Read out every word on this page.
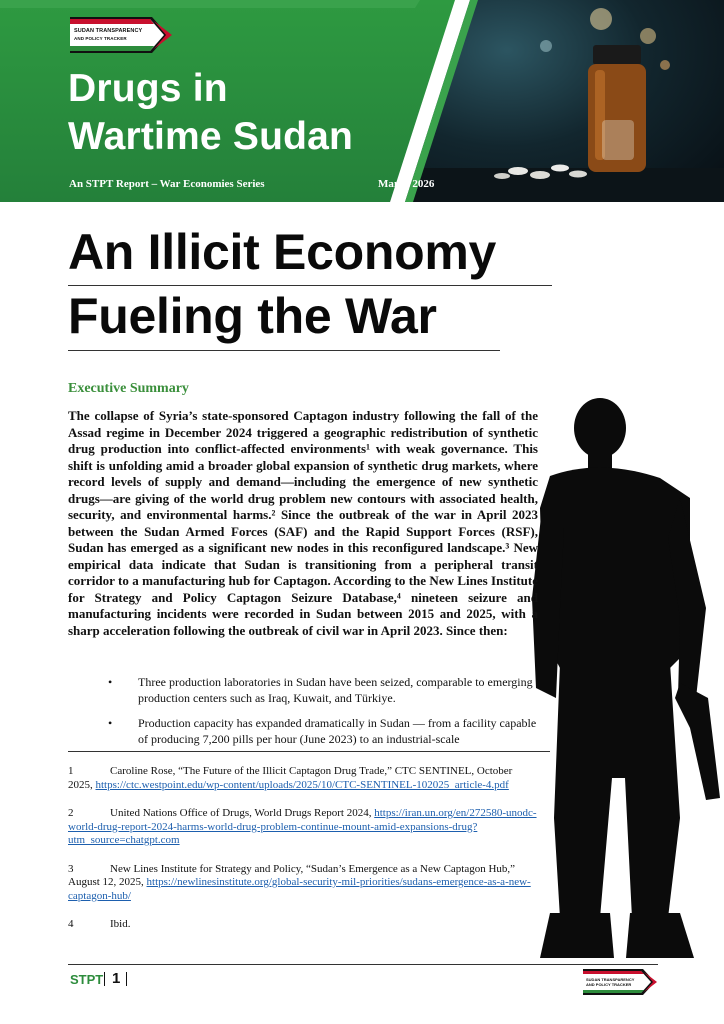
SUDAN TRANSPARENCY
AND POLICY TRACKER
Drugs in
Wartime Sudan
An STPT Report – War Economies Series	March 2026
An Illicit Economy
Fueling the War
Executive Summary
The collapse of Syria’s state-sponsored Captagon industry following the fall of the Assad regime in December 2024 triggered a geographic redistribution of synthetic drug production into conflict-affected environments¹ with weak governance. This shift is unfolding amid a broader global expansion of synthetic drug markets, where record levels of supply and demand—including the emergence of new synthetic drugs—are giving of the world drug problem new contours with associated health, security, and environmental harms.² Since the outbreak of the war in April 2023 between the Sudan Armed Forces (SAF) and the Rapid Support Forces (RSF), Sudan has emerged as a significant new nodes in this reconfigured landscape.³ New empirical data indicate that Sudan is transitioning from a peripheral transit corridor to a manufacturing hub for Captagon. According to the New Lines Institute for Strategy and Policy Captagon Seizure Database,⁴ nineteen seizure and manufacturing incidents were recorded in Sudan between 2015 and 2025, with a sharp acceleration following the outbreak of civil war in April 2023. Since then:
• Three production laboratories in Sudan have been seized, comparable to emerging production centers such as Iraq, Kuwait, and Türkiye.
• Production capacity has expanded dramatically in Sudan — from a facility capable of producing 7,200 pills per hour (June 2023) to an industrial-scale
1	Caroline Rose, “The Future of the Illicit Captagon Drug Trade,” CTC SENTINEL, October 2025, https://ctc.westpoint.edu/wp-content/uploads/2025/10/CTC-SENTINEL-102025_article-4.pdf
2	United Nations Office of Drugs, World Drugs Report 2024, https://iran.un.org/en/272580-unodc-world-drug-report-2024-harms-world-drug-problem-continue-mount-amid-expansions-drug?utm_source=chatgpt.com
3	New Lines Institute for Strategy and Policy, “Sudan’s Emergence as a New Captagon Hub,” August 12, 2025, https://newlinesinstitute.org/global-security-mil-priorities/sudans-emergence-as-a-new-captagon-hub/
4	Ibid.
STPT 1	SUDAN TRANSPARENCY
AND POLICY TRACKER
